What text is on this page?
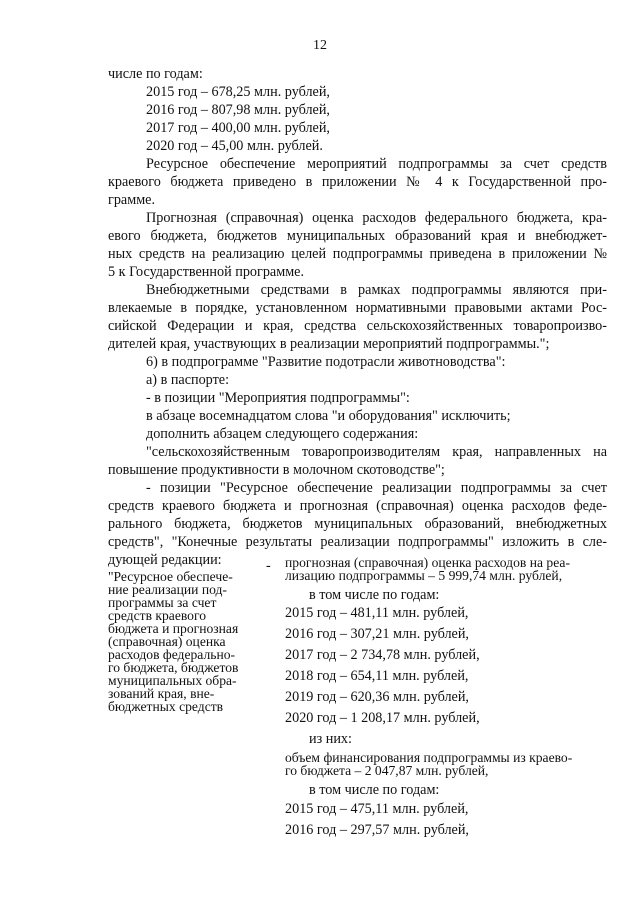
12
числе по годам:
2015 год – 678,25 млн. рублей,
2016 год – 807,98 млн. рублей,
2017 год – 400,00 млн. рублей,
2020 год – 45,00 млн. рублей.
Ресурсное обеспечение мероприятий подпрограммы за счет средств
краевого бюджета приведено в приложении № 4 к Государственной про-
грамме.
Прогнозная (справочная) оценка расходов федерального бюджета, кра-
евого бюджета, бюджетов муниципальных образований края и внебюджет-
ных средств на реализацию целей подпрограммы приведена в приложении №
5 к Государственной программе.
Внебюджетными средствами в рамках подпрограммы являются при-
влекаемые в порядке, установленном нормативными правовыми актами Рос-
сийской Федерации и края, средства сельскохозяйственных товаропроизво-
дителей края, участвующих в реализации мероприятий подпрограммы.";
6) в подпрограмме "Развитие подотрасли животноводства":
а) в паспорте:
- в позиции "Мероприятия подпрограммы":
в абзаце восемнадцатом слова "и оборудования" исключить;
дополнить абзацем следующего содержания:
"сельскохозяйственным товаропроизводителям края, направленных на
повышение продуктивности в молочном скотоводстве";
- позиции "Ресурсное обеспечение реализации подпрограммы за счет
средств краевого бюджета и прогнозная (справочная) оценка расходов феде-
рального бюджета, бюджетов муниципальных образований, внебюджетных
средств", "Конечные результаты реализации подпрограммы" изложить в сле-
дующей редакции:
"Ресурсное обеспече-
ние реализации под-
программы за счет
средств краевого
бюджета и прогнозная
(справочная) оценка
расходов федерально-
го бюджета, бюджетов
муниципальных обра-
зований края, вне-
бюджетных средств
- прогнозная (справочная) оценка расходов на реа-
лизацию подпрограммы – 5 999,74 млн. рублей,
в том числе по годам:
2015 год – 481,11 млн. рублей,
2016 год – 307,21 млн. рублей,
2017 год – 2 734,78 млн. рублей,
2018 год – 654,11 млн. рублей,
2019 год – 620,36 млн. рублей,
2020 год – 1 208,17 млн. рублей,
из них:
объем финансирования подпрограммы из краево-
го бюджета – 2 047,87 млн. рублей,
в том числе по годам:
2015 год – 475,11 млн. рублей,
2016 год – 297,57 млн. рублей,
